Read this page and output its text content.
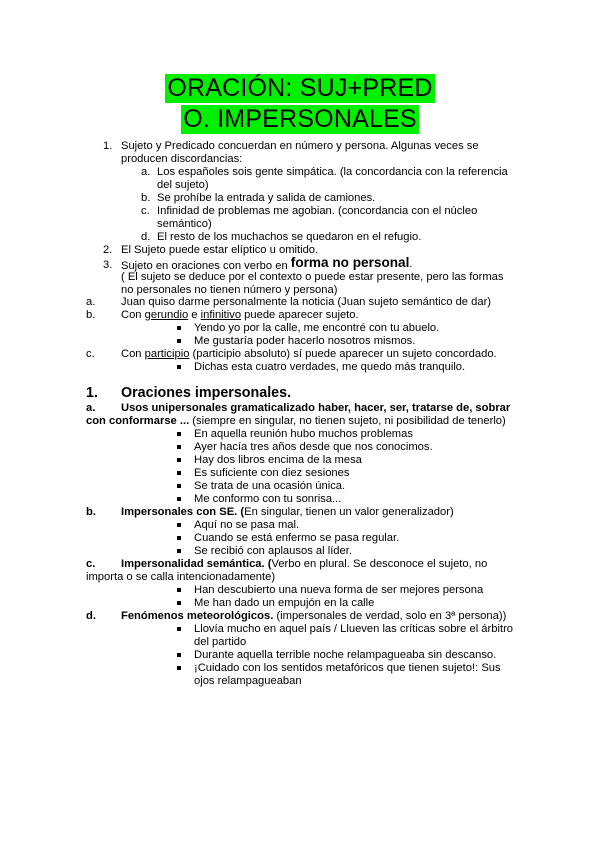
ORACIÓN: SUJ+PRED
O. IMPERSONALES
1. Sujeto y Predicado concuerdan en número y persona. Algunas veces se
producen discordancias:
a. Los españoles sois gente simpática. (la concordancia con la referencia
del sujeto)
b. Se prohíbe la entrada y salida de camiones.
c. Infinidad de problemas me agobian. (concordancia con el núcleo
semántico)
d. El resto de los muchachos se quedaron en el refugio.
2. El Sujeto puede estar elíptico u omitido.
3. Sujeto en oraciones con verbo en forma no personal.
( El sujeto se deduce por el contexto o puede estar presente, pero las formas
no personales no tienen número y persona)
a. Juan quiso darme personalmente la noticia (Juan sujeto semántico de dar)
b. Con gerundio e infinitivo puede aparecer sujeto.
Yendo yo por la calle, me encontré con tu abuelo.
Me gustaría poder hacerlo nosotros mismos.
c. Con participio (participio absoluto) sí puede aparecer un sujeto concordado.
Dichas esta cuatro verdades, me quedo más tranquilo.
1. Oraciones impersonales.
a. Usos unipersonales gramaticalizado haber, hacer, ser, tratarse de, sobrar
con conformarse ... (siempre en singular, no tienen sujeto, ni posibilidad de tenerlo)
En aquella reunión hubo muchos problemas
Ayer hacía tres años desde que nos conocimos.
Hay dos libros encima de la mesa
Es suficiente con diez sesiones
Se trata de una ocasión única.
Me conformo con tu sonrisa...
b. Impersonales con SE. (En singular, tienen un valor generalizador)
Aquí no se pasa mal.
Cuando se está enfermo se pasa regular.
Se recibió con aplausos al líder.
c. Impersonalidad semántica. (Verbo en plural. Se desconoce el sujeto, no
importa o se calla intencionadamente)
Han descubierto una nueva forma de ser mejores persona
Me han dado un empujón en la calle
d. Fenómenos meteorológicos. (impersonales de verdad, solo en 3ª persona))
Llovía mucho en aquel país / Llueven las críticas sobre el árbitro
del partido
Durante aquella terrible noche relampagueaba sin descanso.
¡Cuidado con los sentidos metafóricos que tienen sujeto!: Sus
ojos relampagueaban
